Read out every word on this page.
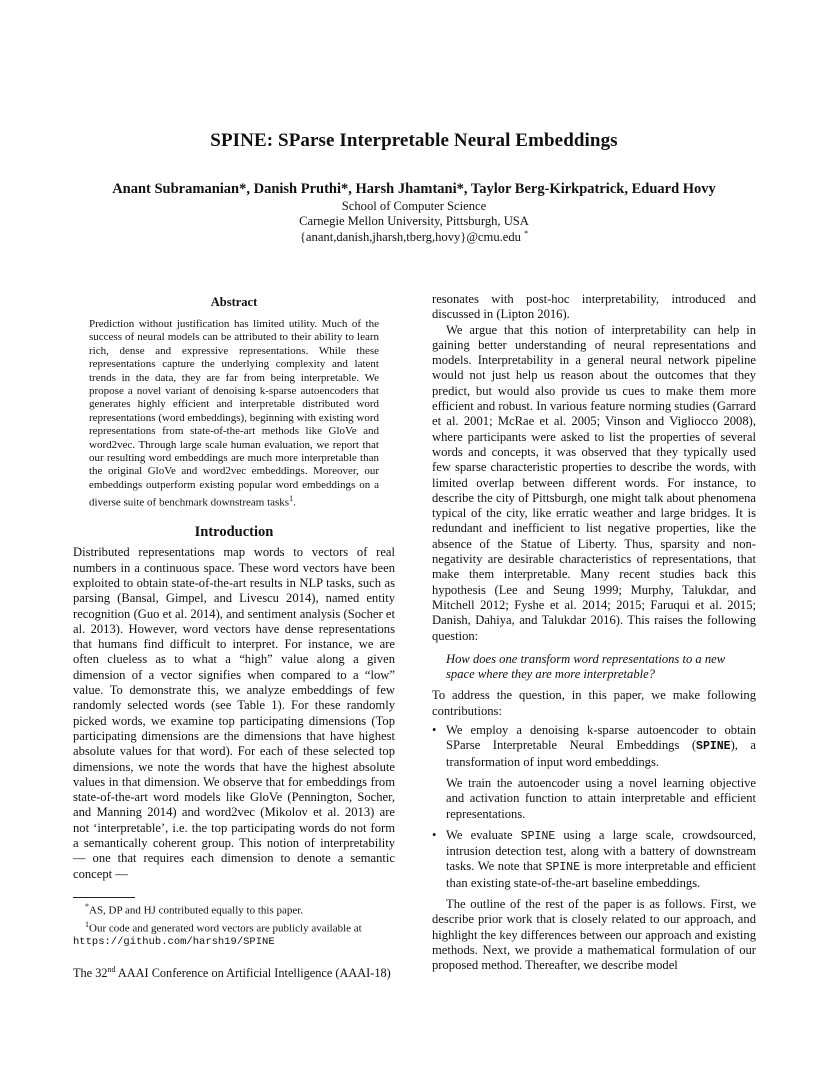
SPINE: SParse Interpretable Neural Embeddings
Anant Subramanian*, Danish Pruthi*, Harsh Jhamtani*, Taylor Berg-Kirkpatrick, Eduard Hovy
School of Computer Science
Carnegie Mellon University, Pittsburgh, USA
{anant,danish,jharsh,tberg,hovy}@cmu.edu *
Abstract

Prediction without justification has limited utility. Much of the success of neural models can be attributed to their ability to learn rich, dense and expressive representations. While these representations capture the underlying complexity and latent trends in the data, they are far from being interpretable. We propose a novel variant of denoising k-sparse autoencoders that generates highly efficient and interpretable distributed word representations (word embeddings), beginning with existing word representations from state-of-the-art methods like GloVe and word2vec. Through large scale human evaluation, we report that our resulting word embeddings are much more interpretable than the original GloVe and word2vec embeddings. Moreover, our embeddings outperform existing popular word embeddings on a diverse suite of benchmark downstream tasks$^1$.

Introduction

Distributed representations map words to vectors of real numbers in a continuous space. These word vectors have been exploited to obtain state-of-the-art results in NLP tasks, such as parsing (Bansal, Gimpel, and Livescu 2014), named entity recognition (Guo et al. 2014), and sentiment analysis (Socher et al. 2013). However, word vectors have dense representations that humans find difficult to interpret. For instance, we are often clueless as to what a “high” value along a given dimension of a vector signifies when compared to a “low” value. To demonstrate this, we analyze embeddings of few randomly selected words (see Table 1). For these randomly picked words, we examine top participating dimensions (Top participating dimensions are the dimensions that have highest absolute values for that word). For each of these selected top dimensions, we note the words that have the highest absolute values in that dimension. We observe that for embeddings from state-of-the-art word models like GloVe (Pennington, Socher, and Manning 2014) and word2vec (Mikolov et al. 2013) are not ‘interpretable’, i.e. the top participating words do not form a semantically coherent group. This notion of interpretability — one that requires each dimension to denote a semantic concept —

resonates with post-hoc interpretability, introduced and discussed in (Lipton 2016).

We argue that this notion of interpretability can help in gaining better understanding of neural representations and models. Interpretability in a general neural network pipeline would not just help us reason about the outcomes that they predict, but would also provide us cues to make them more efficient and robust. In various feature norming studies (Garrard et al. 2001; McRae et al. 2005; Vinson and Vigliocco 2008), where participants were asked to list the properties of several words and concepts, it was observed that they typically used few sparse characteristic properties to describe the words, with limited overlap between different words. For instance, to describe the city of Pittsburgh, one might talk about phenomena typical of the city, like erratic weather and large bridges. It is redundant and inefficient to list negative properties, like the absence of the Statue of Liberty. Thus, sparsity and non-negativity are desirable characteristics of representations, that make them interpretable. Many recent studies back this hypothesis (Lee and Seung 1999; Murphy, Talukdar, and Mitchell 2012; Fyshe et al. 2014; 2015; Faruqui et al. 2015; Danish, Dahiya, and Talukdar 2016). This raises the following question:

How does one transform word representations to a new space where they are more interpretable?

To address the question, in this paper, we make following contributions:

• We employ a denoising k-sparse autoencoder to obtain SParse Interpretable Neural Embeddings (SPINE), a transformation of input word embeddings.

We train the autoencoder using a novel learning objective and activation function to attain interpretable and efficient representations.

• We evaluate SPINE using a large scale, crowdsourced, intrusion detection test, along with a battery of downstream tasks. We note that SPINE is more interpretable and efficient than existing state-of-the-art baseline embeddings.

The outline of the rest of the paper is as follows. First, we describe prior work that is closely related to our approach, and highlight the key differences between our approach and existing methods. Next, we provide a mathematical formulation of our proposed method. Thereafter, we describe model

*AS, DP and HJ contributed equally to this paper.

$^1$Our code and generated word vectors are publicly available at

https://github.com/harsh19/SPINE

The 32nd AAAI Conference on Artificial Intelligence (AAAI-18)
